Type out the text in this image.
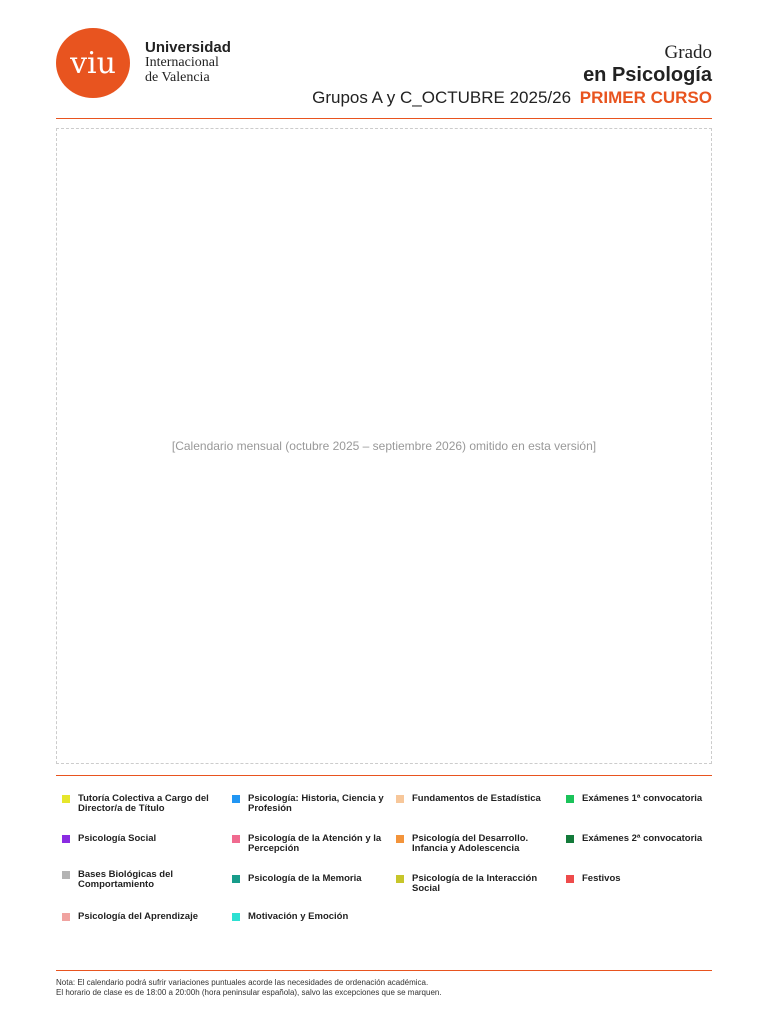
viu	Universidad
Internacional
de Valencia
Grado
en Psicología
Grupos A y C_OCTUBRE 2025/26 PRIMER CURSO
[Calendario mensual (octubre 2025 – septiembre 2026) omitido en esta versión]
Tutoría Colectiva a Cargo del Director/a de Título
Psicología Social
Bases Biológicas del Comportamiento
Psicología del Aprendizaje
Psicología: Historia, Ciencia y Profesión
Psicología de la Atención y la Percepción
Psicología de la Memoria
Motivación y Emoción
Fundamentos de Estadística
Psicología del Desarrollo. Infancia y Adolescencia
Psicología de la Interacción Social
Exámenes 1ª convocatoria
Exámenes 2ª convocatoria
Festivos
Nota: El calendario podrá sufrir variaciones puntuales acorde las necesidades de ordenación académica.
El horario de clase es de 18:00 a 20:00h (hora peninsular española), salvo las excepciones que se marquen.
